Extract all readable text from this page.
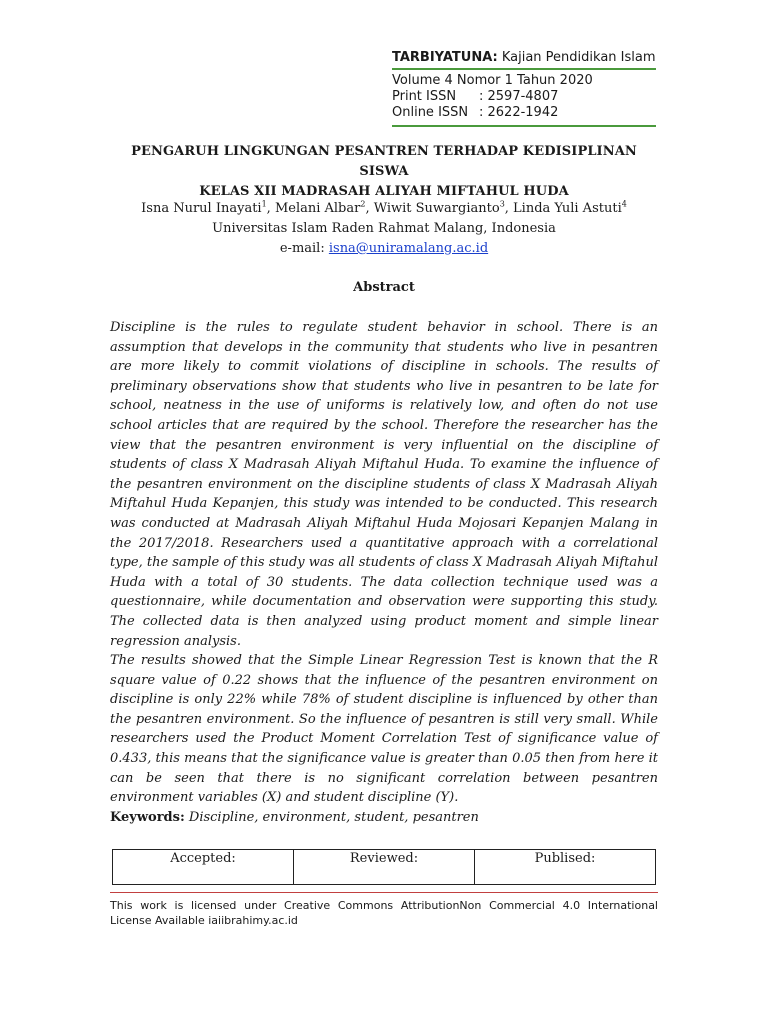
TARBIYATUNA: Kajian Pendidikan Islam
Volume 4 Nomor 1 Tahun 2020
Print ISSN	: 2597-4807
Online ISSN : 2622-1942
PENGARUH LINGKUNGAN PESANTREN TERHADAP KEDISIPLINAN SISWA
KELAS XII MADRASAH ALIYAH MIFTAHUL HUDA
Isna Nurul Inayati$^1$, Melani Albar$^2$, Wiwit Suwargianto$^3$, Linda Yuli Astuti$^4$
Universitas Islam Raden Rahmat Malang, Indonesia
e-mail: isna@uniramalang.ac.id
Abstract

Discipline is the rules to regulate student behavior in school. There is an assumption that develops in the community that students who live in pesantren are more likely to commit violations of discipline in schools. The results of preliminary observations show that students who live in pesantren to be late for school, neatness in the use of uniforms is relatively low, and often do not use school articles that are required by the school. Therefore the researcher has the view that the pesantren environment is very influential on the discipline of students of class X Madrasah Aliyah Miftahul Huda. To examine the influence of the pesantren environment on the discipline students of class X Madrasah Aliyah Miftahul Huda Kepanjen, this study was intended to be conducted. This research was conducted at Madrasah Aliyah Miftahul Huda Mojosari Kepanjen Malang in the 2017/2018. Researchers used a quantitative approach with a correlational type, the sample of this study was all students of class X Madrasah Aliyah Miftahul Huda with a total of 30 students. The data collection technique used was a questionnaire, while documentation and observation were supporting this study. The collected data is then analyzed using product moment and simple linear regression analysis.

The results showed that the Simple Linear Regression Test is known that the R square value of 0.22 shows that the influence of the pesantren environment on discipline is only 22% while 78% of student discipline is influenced by other than the pesantren environment. So the influence of pesantren is still very small. While researchers used the Product Moment Correlation Test of significance value of 0.433, this means that the significance value is greater than 0.05 then from here it can be seen that there is no significant correlation between pesantren environment variables (X) and student discipline (Y).

Keywords: Discipline, environment, student, pesantren
Accepted:	Reviewed:	Publised:
This work is licensed under Creative Commons AttributionNon Commercial 4.0 International License Available iaiibrahimy.ac.id
